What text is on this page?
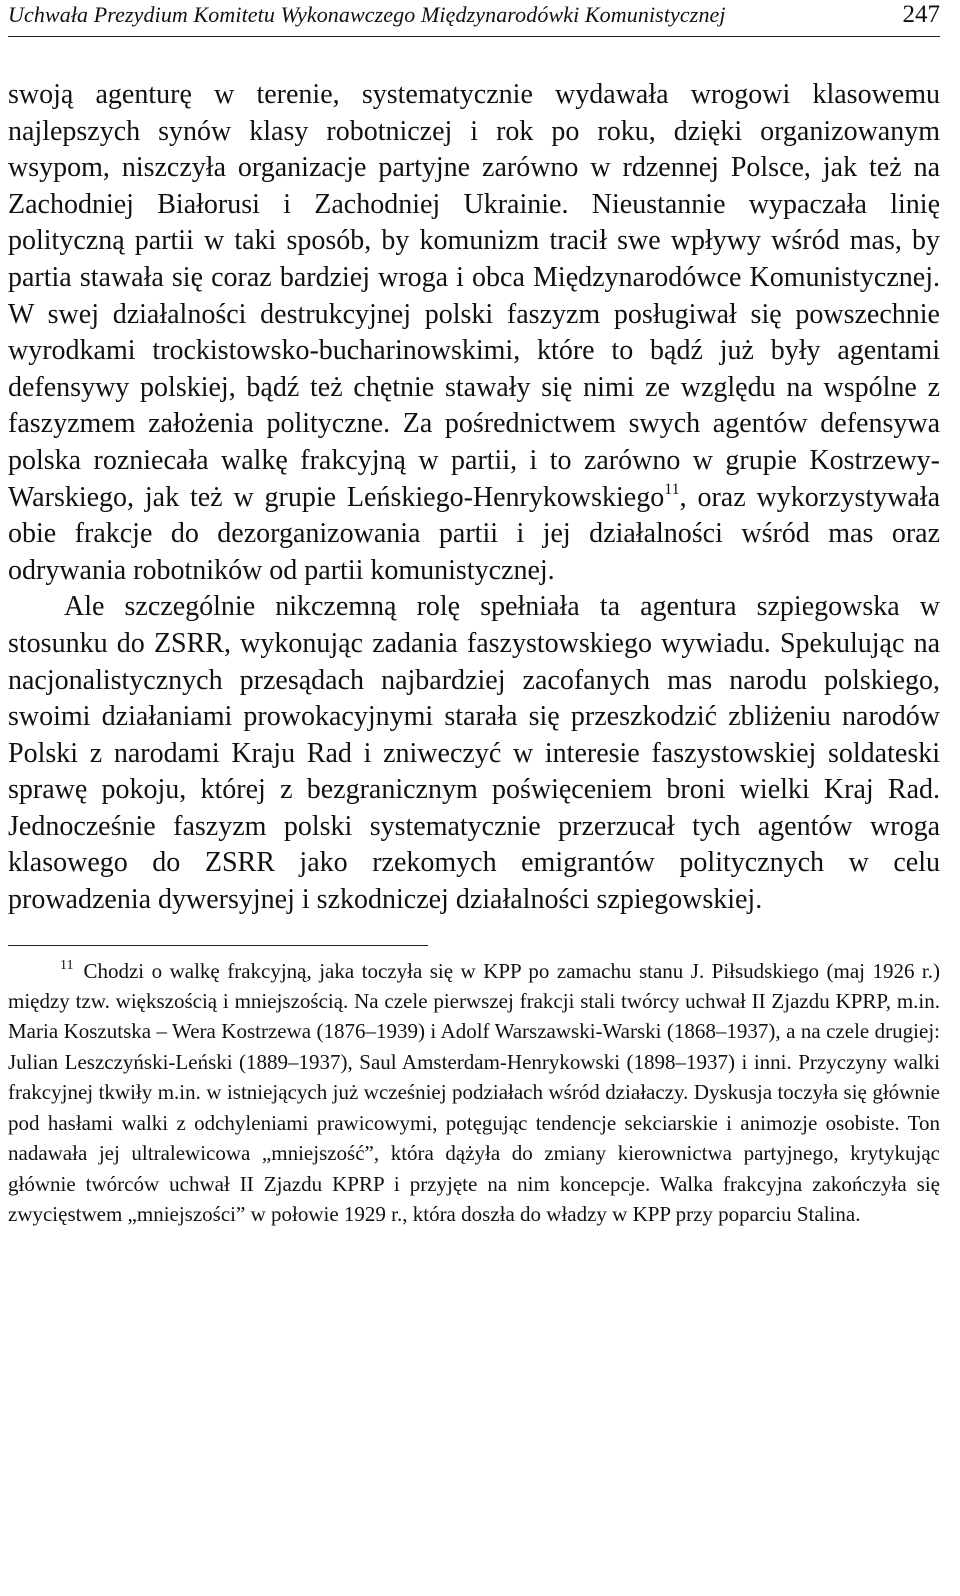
Uchwała Prezydium Komitetu Wykonawczego Międzynarodówki Komunistycznej	247

swoją agenturę w terenie, systematycznie wydawała wrogowi klasowemu najlepszych synów klasy robotniczej i rok po roku, dzięki organizowanym wsypom, niszczyła organizacje partyjne zarówno w rdzennej Polsce, jak też na Zachodniej Białorusi i Zachodniej Ukrainie. Nieustannie wypaczała linię polityczną partii w taki sposób, by komunizm tracił swe wpływy wśród mas, by partia stawała się coraz bardziej wroga i obca Międzynarodówce Komunistycznej. W swej działalności destrukcyjnej polski faszyzm posługiwał się powszechnie wyrodkami trockistowsko-bucharinowskimi, które to bądź już były agentami defensywy polskiej, bądź też chętnie stawały się nimi ze względu na wspólne z faszyzmem założenia polityczne. Za pośrednictwem swych agentów defensywa polska rozniecała walkę frakcyjną w partii, i to zarówno w grupie Kostrzewy-Warskiego, jak też w grupie Leńskiego-Henrykowskiego$^{11}$, oraz wykorzystywała obie frakcje do dezorganizowania partii i jej działalności wśród mas oraz odrywania robotników od partii komunistycznej.

Ale szczególnie nikczemną rolę spełniała ta agentura szpiegowska w stosunku do ZSRR, wykonując zadania faszystowskiego wywiadu. Spekulując na nacjonalistycznych przesądach najbardziej zacofanych mas narodu polskiego, swoimi działaniami prowokacyjnymi starała się przeszkodzić zbliżeniu narodów Polski z narodami Kraju Rad i zniweczyć w interesie faszystowskiej soldateski sprawę pokoju, której z bezgranicznym poświęceniem broni wielki Kraj Rad. Jednocześnie faszyzm polski systematycznie przerzucał tych agentów wroga klasowego do ZSRR jako rzekomych emigrantów politycznych w celu prowadzenia dywersyjnej i szkodniczej działalności szpiegowskiej.

$^{11}$ Chodzi o walkę frakcyjną, jaka toczyła się w KPP po zamachu stanu J. Piłsudskiego (maj 1926 r.) między tzw. większością i mniejszością. Na czele pierwszej frakcji stali twórcy uchwał II Zjazdu KPRP, m.in. Maria Koszutska – Wera Kostrzewa (1876–1939) i Adolf Warszawski-Warski (1868–1937), a na czele drugiej: Julian Leszczyński-Leński (1889–1937), Saul Amsterdam-Henrykowski (1898–1937) i inni. Przyczyny walki frakcyjnej tkwiły m.in. w istniejących już wcześniej podziałach wśród działaczy. Dyskusja toczyła się głównie pod hasłami walki z odchyleniami prawicowymi, potęgując tendencje sekciarskie i animozje osobiste. Ton nadawała jej ultralewicowa „mniejszość”, która dążyła do zmiany kierownictwa partyjnego, krytykując głównie twórców uchwał II Zjazdu KPRP i przyjęte na nim koncepcje. Walka frakcyjna zakończyła się zwycięstwem „mniejszości” w połowie 1929 r., która doszła do władzy w KPP przy poparciu Stalina.
